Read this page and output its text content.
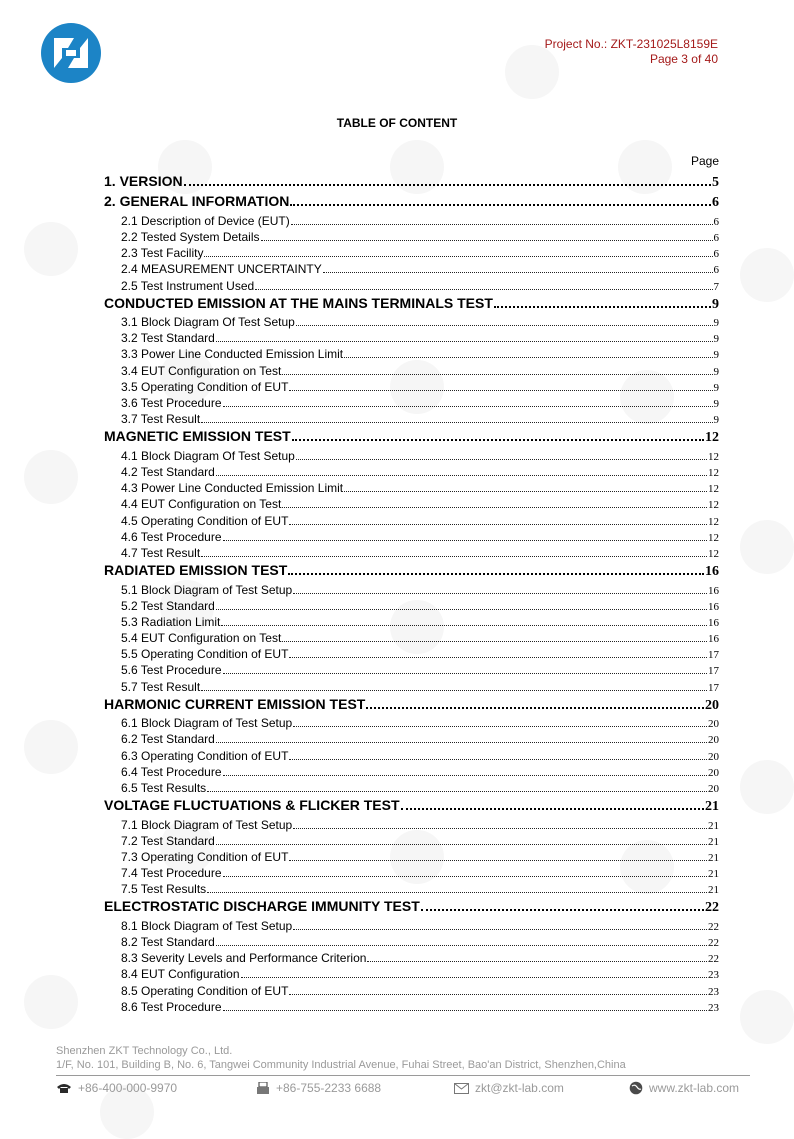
Project No.: ZKT-231025L8159E
Page 3 of 40
TABLE OF CONTENT
Page
1. VERSION	5
2. GENERAL INFORMATION	6
2.1 Description of Device (EUT)	6
2.2 Tested System Details	6
2.3 Test Facility	6
2.4 MEASUREMENT UNCERTAINTY	6
2.5 Test Instrument Used	7
CONDUCTED EMISSION AT THE MAINS TERMINALS TEST	9
3.1 Block Diagram Of Test Setup	9
3.2 Test Standard	9
3.3 Power Line Conducted Emission Limit	9
3.4 EUT Configuration on Test	9
3.5 Operating Condition of EUT	9
3.6 Test Procedure	9
3.7 Test Result	9
MAGNETIC EMISSION TEST	12
4.1 Block Diagram Of Test Setup	12
4.2 Test Standard	12
4.3 Power Line Conducted Emission Limit	12
4.4 EUT Configuration on Test	12
4.5 Operating Condition of EUT	12
4.6 Test Procedure	12
4.7 Test Result	12
RADIATED EMISSION TEST	16
5.1 Block Diagram of Test Setup	16
5.2 Test Standard	16
5.3 Radiation Limit	16
5.4 EUT Configuration on Test	16
5.5 Operating Condition of EUT	17
5.6 Test Procedure	17
5.7 Test Result	17
HARMONIC CURRENT EMISSION TEST	20
6.1 Block Diagram of Test Setup	20
6.2 Test Standard	20
6.3 Operating Condition of EUT	20
6.4 Test Procedure	20
6.5 Test Results	20
VOLTAGE FLUCTUATIONS & FLICKER TEST	21
7.1 Block Diagram of Test Setup	21
7.2 Test Standard	21
7.3 Operating Condition of EUT	21
7.4 Test Procedure	21
7.5 Test Results	21
ELECTROSTATIC DISCHARGE IMMUNITY TEST	22
8.1 Block Diagram of Test Setup	22
8.2 Test Standard	22
8.3 Severity Levels and Performance Criterion	22
8.4 EUT Configuration	23
8.5 Operating Condition of EUT	23
8.6 Test Procedure	23
Shenzhen ZKT Technology Co., Ltd.
1/F, No. 101, Building B, No. 6, Tangwei Community Industrial Avenue, Fuhai Street, Bao'an District, Shenzhen,China
+86-400-000-9970	+86-755-2233 6688	zkt@zkt-lab.com	www.zkt-lab.com
